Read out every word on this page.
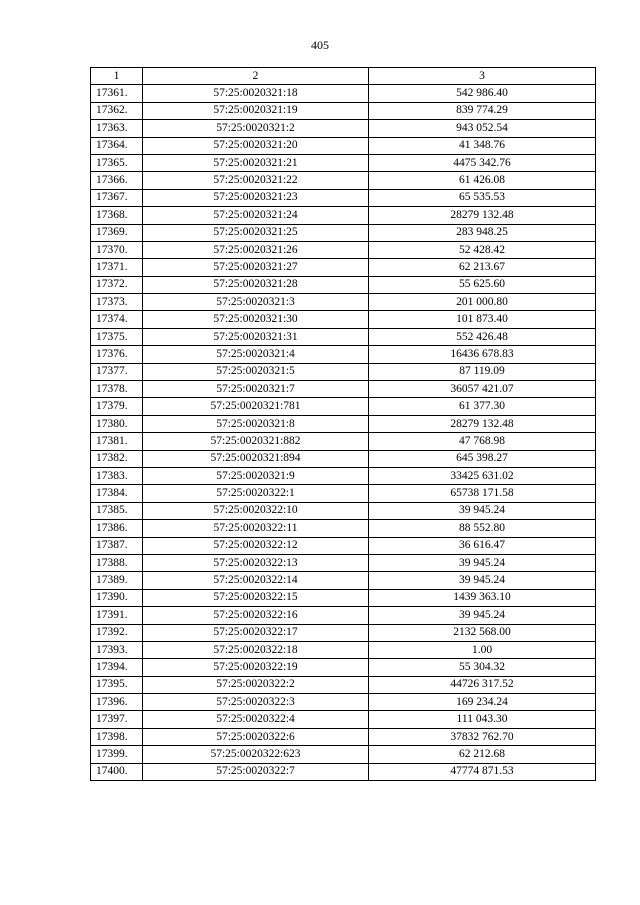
405
1	2	3
17361.	57:25:0020321:18	542 986.40
17362.	57:25:0020321:19	839 774.29
17363.	57:25:0020321:2	943 052.54
17364.	57:25:0020321:20	41 348.76
17365.	57:25:0020321:21	4475 342.76
17366.	57:25:0020321:22	61 426.08
17367.	57:25:0020321:23	65 535.53
17368.	57:25:0020321:24	28279 132.48
17369.	57:25:0020321:25	283 948.25
17370.	57:25:0020321:26	52 428.42
17371.	57:25:0020321:27	62 213.67
17372.	57:25:0020321:28	55 625.60
17373.	57:25:0020321:3	201 000.80
17374.	57:25:0020321:30	101 873.40
17375.	57:25:0020321:31	552 426.48
17376.	57:25:0020321:4	16436 678.83
17377.	57:25:0020321:5	87 119.09
17378.	57:25:0020321:7	36057 421.07
17379.	57:25:0020321:781	61 377.30
17380.	57:25:0020321:8	28279 132.48
17381.	57:25:0020321:882	47 768.98
17382.	57:25:0020321:894	645 398.27
17383.	57:25:0020321:9	33425 631.02
17384.	57:25:0020322:1	65738 171.58
17385.	57:25:0020322:10	39 945.24
17386.	57:25:0020322:11	88 552.80
17387.	57:25:0020322:12	36 616.47
17388.	57:25:0020322:13	39 945.24
17389.	57:25:0020322:14	39 945.24
17390.	57:25:0020322:15	1439 363.10
17391.	57:25:0020322:16	39 945.24
17392.	57:25:0020322:17	2132 568.00
17393.	57:25:0020322:18	1.00
17394.	57:25:0020322:19	55 304.32
17395.	57:25:0020322:2	44726 317.52
17396.	57:25:0020322:3	169 234.24
17397.	57:25:0020322:4	111 043.30
17398.	57:25:0020322:6	37832 762.70
17399.	57:25:0020322:623	62 212.68
17400.	57:25:0020322:7	47774 871.53
